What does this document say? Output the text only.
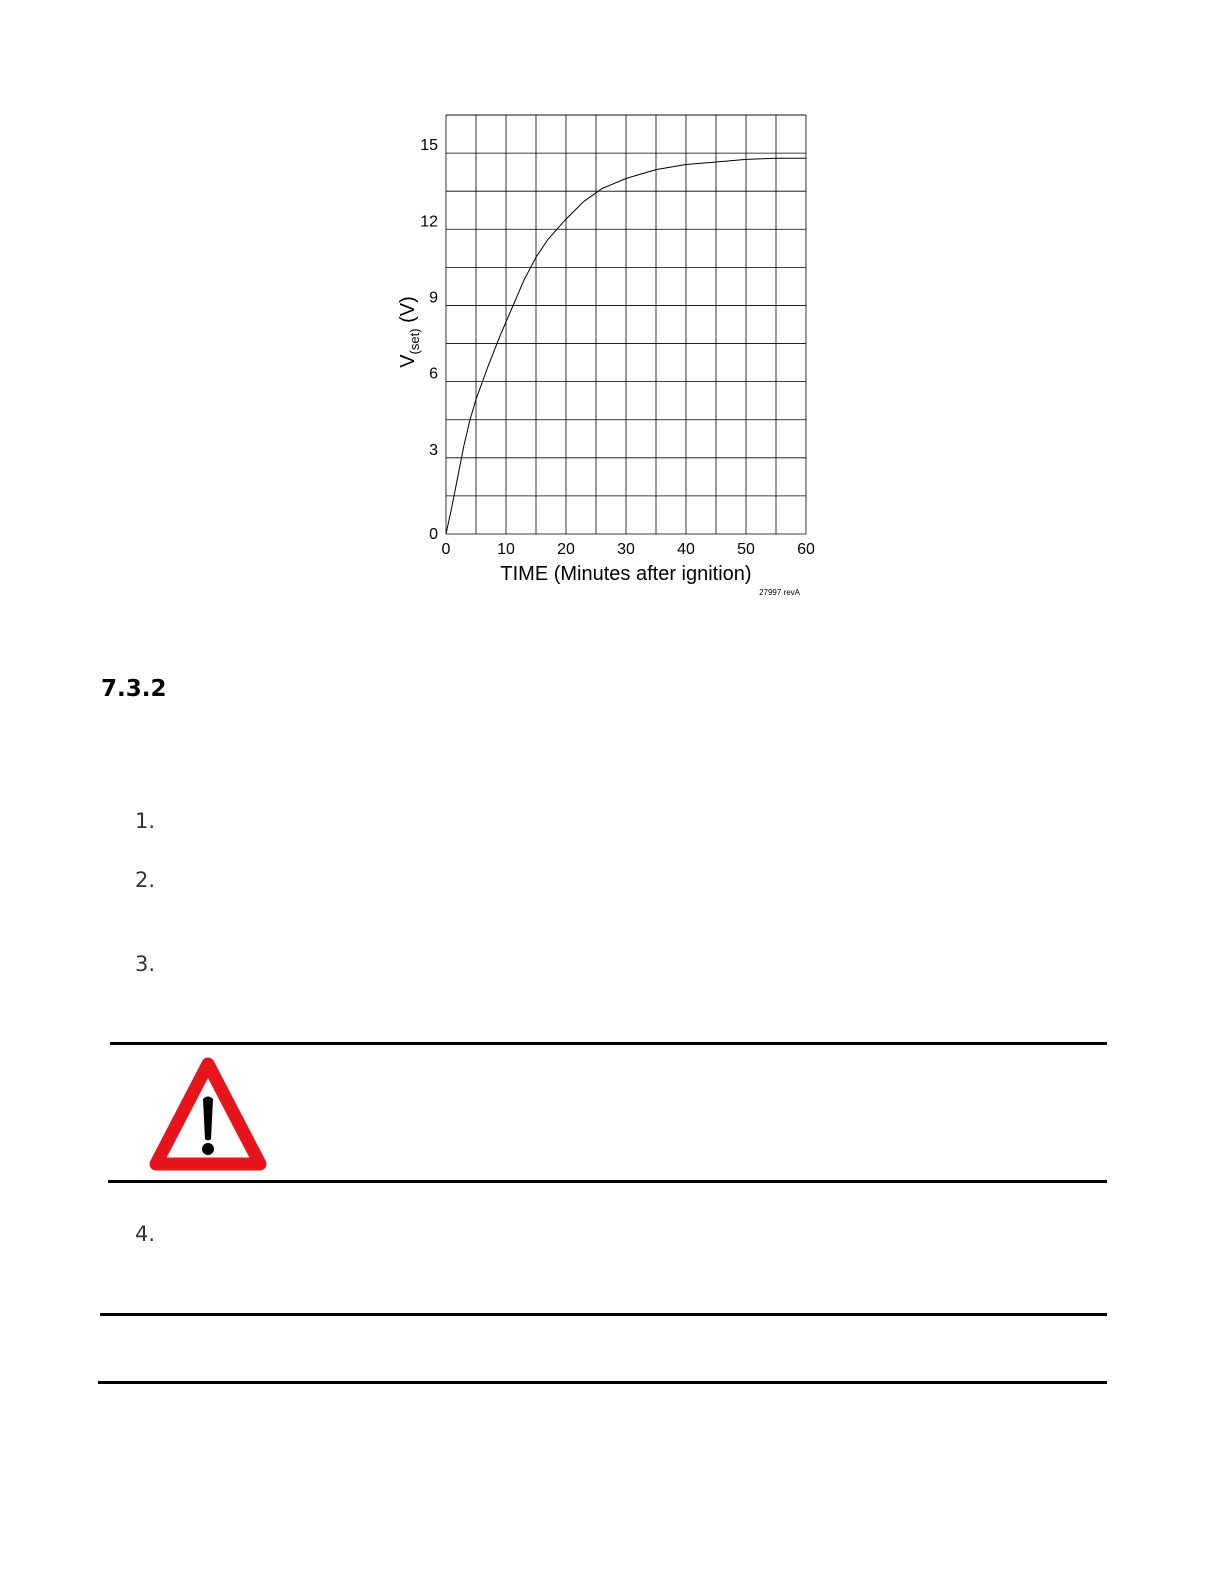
0	10	20	30	40	50	60
0
3
6
9
12
15
$V_{(set)}$ (V)
TIME (Minutes after ignition)
27997 revA
7.3.2

1.

2.

3.

4.
